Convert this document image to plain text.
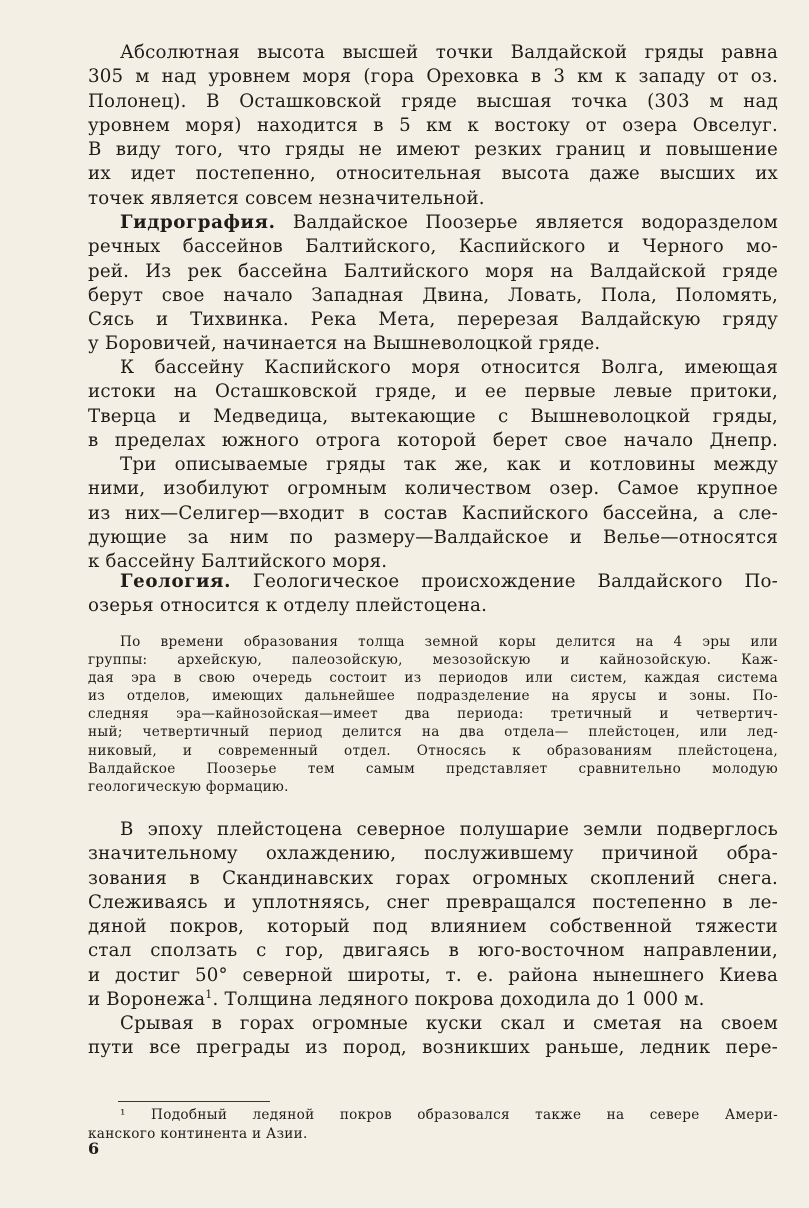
Абсолютная высота высшей точки Валдайской гряды равна
305 м над уровнем моря (гора Ореховка в 3 км к западу от оз.
Полонец). В Осташковской гряде высшая точка (303 м над
уровнем моря) находится в 5 км к востоку от озера Овселуг.
В виду того, что гряды не имеют резких границ и повышение
их идет постепенно, относительная высота даже высших их
точек является совсем незначительной.
Гидрография. Валдайское Поозерье является водоразделом
речных бассейнов Балтийского, Каспийского и Черного мо-
рей. Из рек бассейна Балтийского моря на Валдайской гряде
берут свое начало Западная Двина, Ловать, Пола, Поломять,
Сясь и Тихвинка. Река Мета, перерезая Валдайскую гряду
у Боровичей, начинается на Вышневолоцкой гряде.
К бассейну Каспийского моря относится Волга, имеющая
истоки на Осташковской гряде, и ее первые левые притоки,
Тверца и Медведица, вытекающие с Вышневолоцкой гряды,
в пределах южного отрога которой берет свое начало Днепр.
Три описываемые гряды так же, как и котловины между
ними, изобилуют огромным количеством озер. Самое крупное
из них—Селигер—входит в состав Каспийского бассейна, а сле-
дующие за ним по размеру—Валдайское и Велье—относятся
к бассейну Балтийского моря.
Геология. Геологическое происхождение Валдайского По-
озерья относится к отделу плейстоцена.
По времени образования толща земной коры делится на 4 эры или
группы: архейскую, палеозойскую, мезозойскую и кайнозойскую. Каж-
дая эра в свою очередь состоит из периодов или систем, каждая система
из отделов, имеющих дальнейшее подразделение на ярусы и зоны. По-
следняя эра—кайнозойская—имеет два периода: третичный и четвертич-
ный; четвертичный период делится на два отдела— плейстоцен, или лед-
никовый, и современный отдел. Относясь к образованиям плейстоцена,
Валдайское Поозерье тем самым представляет сравнительно молодую
геологическую формацию.
В эпоху плейстоцена северное полушарие земли подверглось
значительному охлаждению, послужившему причиной обра-
зования в Скандинавских горах огромных скоплений снега.
Слеживаясь и уплотняясь, снег превращался постепенно в ле-
дяной покров, который под влиянием собственной тяжести
стал сползать с гор, двигаясь в юго-восточном направлении,
и достиг 50° северной широты, т. е. района нынешнего Киева
и Воронежа$^1$. Толщина ледяного покрова доходила до 1 000 м.
Срывая в горах огромные куски скал и сметая на своем
пути все преграды из пород, возникших раньше, ледник пере-
¹ Подобный ледяной покров образовался также на севере Амери-
канского континента и Азии.
6
